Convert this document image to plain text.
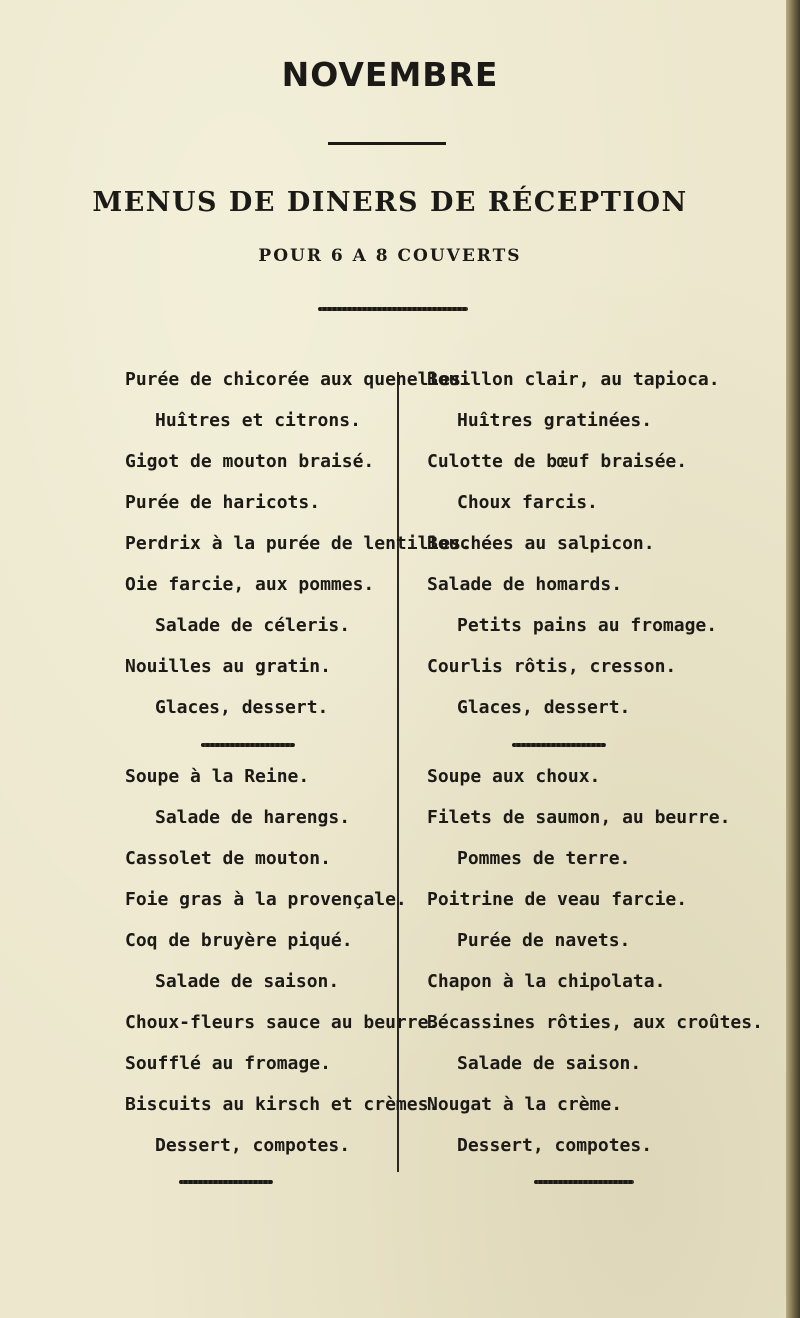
NOVEMBRE
MENUS DE DINERS DE RÉCEPTION
POUR 6 A 8 COUVERTS
Purée de chicorée aux quenelles.
Huîtres et citrons.
Gigot de mouton braisé.
Purée de haricots.
Perdrix à la purée de lentilles.
Oie farcie, aux pommes.
Salade de céleris.
Nouilles au gratin.
Glaces, dessert.
Bouillon clair, au tapioca.
Huîtres gratinées.
Culotte de bœuf braisée.
Choux farcis.
Bouchées au salpicon.
Salade de homards.
Petits pains au fromage.
Courlis rôtis, cresson.
Glaces, dessert.
Soupe à la Reine.
Salade de harengs.
Cassolet de mouton.
Foie gras à la provençale.
Coq de bruyère piqué.
Salade de saison.
Choux-fleurs sauce au beurre.
Soufflé au fromage.
Biscuits au kirsch et crèmes.
Dessert, compotes.
Soupe aux choux.
Filets de saumon, au beurre.
Pommes de terre.
Poitrine de veau farcie.
Purée de navets.
Chapon à la chipolata.
Bécassines rôties, aux croûtes.
Salade de saison.
Nougat à la crème.
Dessert, compotes.
